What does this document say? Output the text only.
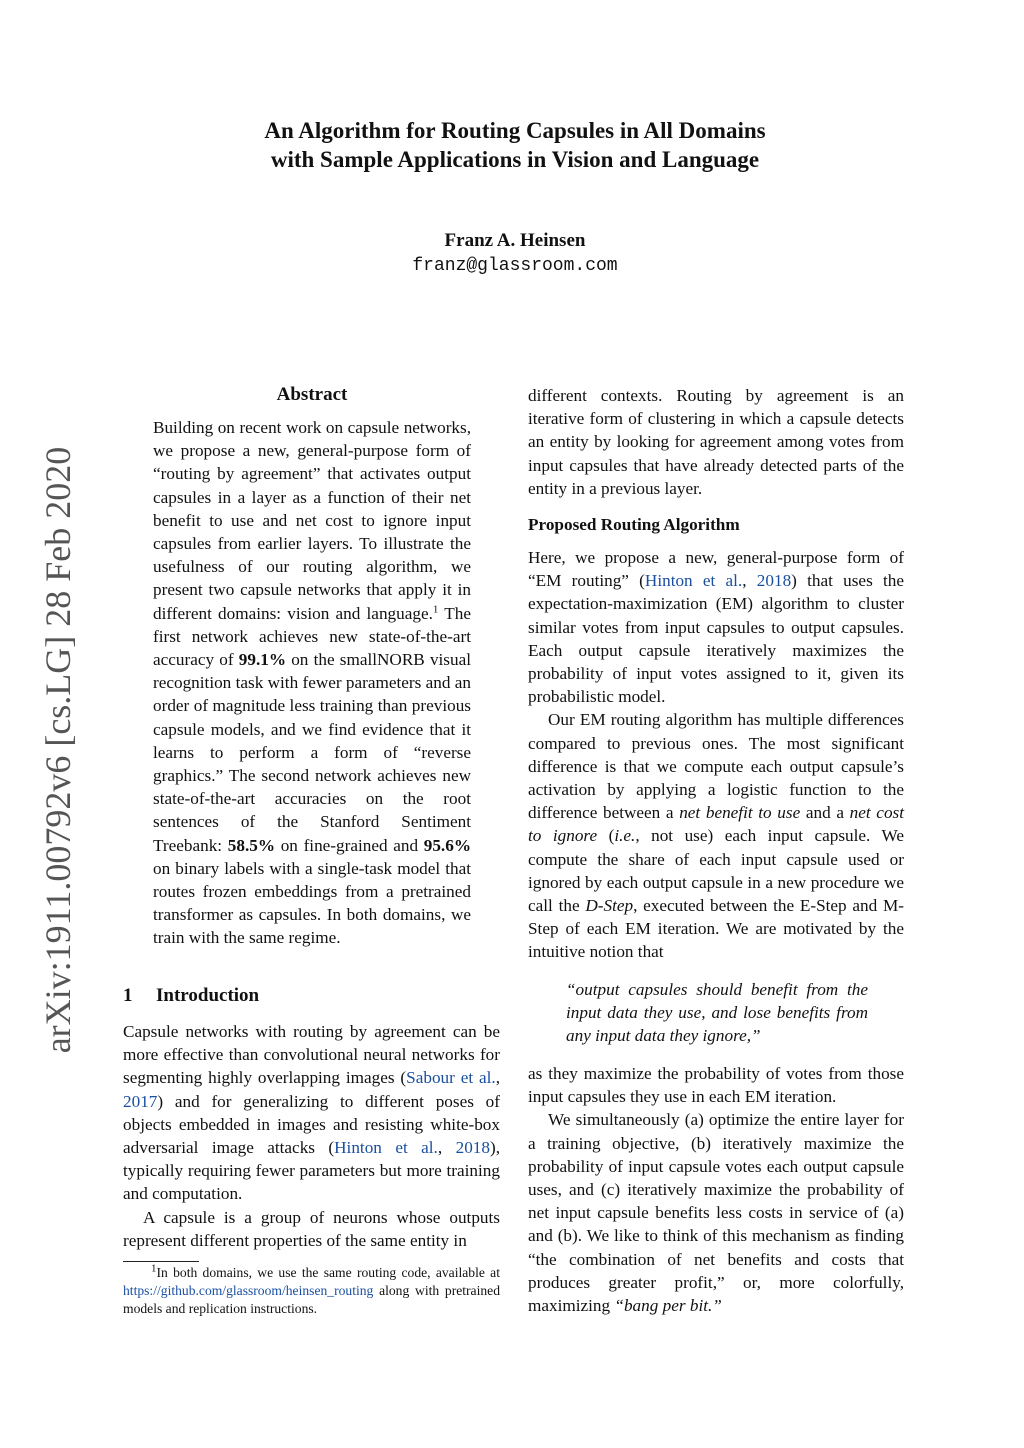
arXiv:1911.00792v6 [cs.LG] 28 Feb 2020
An Algorithm for Routing Capsules in All Domains
with Sample Applications in Vision and Language
Franz A. Heinsen
franz@glassroom.com
Abstract
Building on recent work on capsule networks, we propose a new, general-purpose form of “routing by agreement” that activates output capsules in a layer as a function of their net benefit to use and net cost to ignore input capsules from earlier layers. To illustrate the usefulness of our routing algorithm, we present two capsule networks that apply it in different domains: vision and language.$^1$ The first network achieves new state-of-the-art accuracy of 99.1% on the smallNORB visual recognition task with fewer parameters and an order of magnitude less training than previous capsule models, and we find evidence that it learns to perform a form of “reverse graphics.” The second network achieves new state-of-the-art accuracies on the root sentences of the Stanford Sentiment Treebank: 58.5% on fine-grained and 95.6% on binary labels with a single-task model that routes frozen embeddings from a pretrained transformer as capsules. In both domains, we train with the same regime.
1 Introduction

Capsule networks with routing by agreement can be more effective than convolutional neural networks for segmenting highly overlapping images (Sabour et al., 2017) and for generalizing to different poses of objects embedded in images and resisting white-box adversarial image attacks (Hinton et al., 2018), typically requiring fewer parameters but more training and computation.

A capsule is a group of neurons whose outputs represent different properties of the same entity in

$^1$In both domains, we use the same routing code, available at https://github.com/glassroom/heinsen_routing along with pretrained models and replication instructions.

different contexts. Routing by agreement is an iterative form of clustering in which a capsule detects an entity by looking for agreement among votes from input capsules that have already detected parts of the entity in a previous layer.

Proposed Routing Algorithm

Here, we propose a new, general-purpose form of “EM routing” (Hinton et al., 2018) that uses the expectation-maximization (EM) algorithm to cluster similar votes from input capsules to output capsules. Each output capsule iteratively maximizes the probability of input votes assigned to it, given its probabilistic model.

Our EM routing algorithm has multiple differences compared to previous ones. The most significant difference is that we compute each output capsule’s activation by applying a logistic function to the difference between a net benefit to use and a net cost to ignore (i.e., not use) each input capsule. We compute the share of each input capsule used or ignored by each output capsule in a new procedure we call the D-Step, executed between the E-Step and M-Step of each EM iteration. We are motivated by the intuitive notion that

“output capsules should benefit from the input data they use, and lose benefits from any input data they ignore,”

as they maximize the probability of votes from those input capsules they use in each EM iteration.

We simultaneously (a) optimize the entire layer for a training objective, (b) iteratively maximize the probability of input capsule votes each output capsule uses, and (c) iteratively maximize the probability of net input capsule benefits less costs in service of (a) and (b). We like to think of this mechanism as finding “the combination of net benefits and costs that produces greater profit,” or, more colorfully, maximizing “bang per bit.”
